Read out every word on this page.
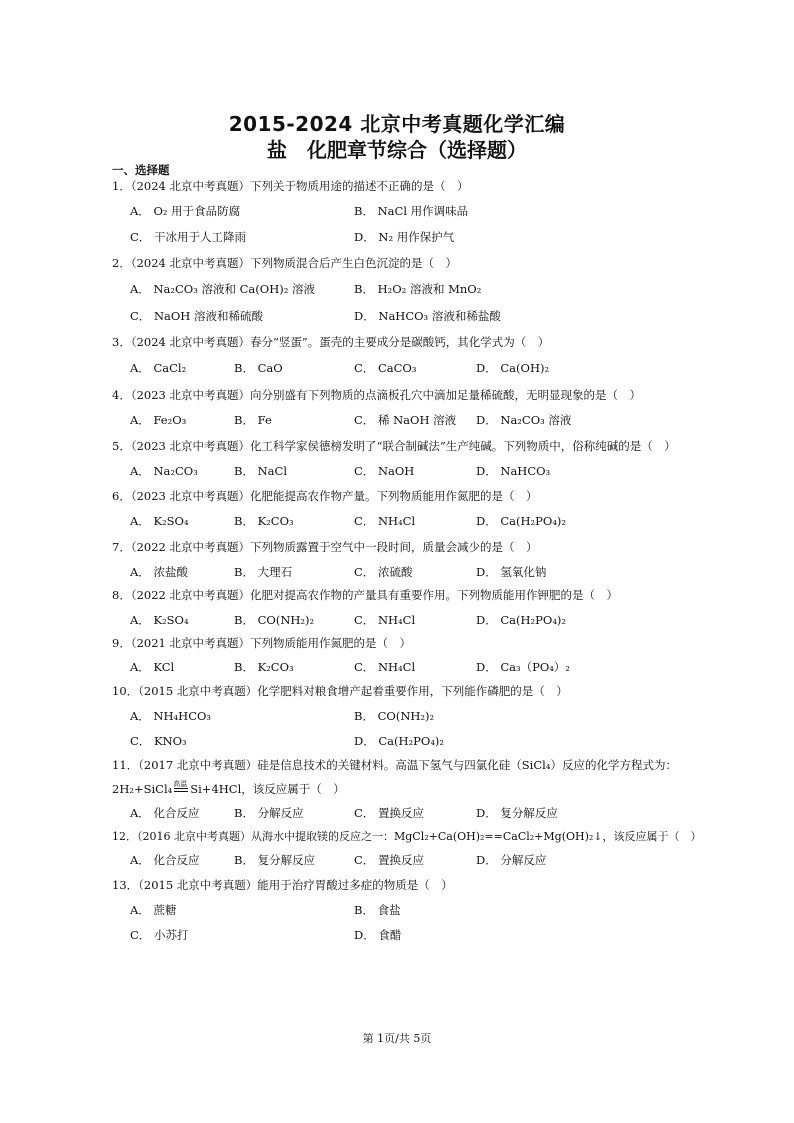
2015-2024 北京中考真题化学汇编
盐　化肥章节综合（选择题）
一、选择题
1．（2024 北京中考真题）下列关于物质用途的描述不正确的是（　）
A． O₂ 用于食品防腐	B． NaCl 用作调味品
C． 干冰用于人工降雨	D． N₂ 用作保护气
2．（2024 北京中考真题）下列物质混合后产生白色沉淀的是（　）
A． Na₂CO₃ 溶液和 Ca(OH)₂ 溶液	B． H₂O₂ 溶液和 MnO₂
C． NaOH 溶液和稀硫酸	D． NaHCO₃ 溶液和稀盐酸
3．（2024 北京中考真题）春分“竖蛋”。蛋壳的主要成分是碳酸钙，其化学式为（　）
A． CaCl₂	B． CaO	C． CaCO₃	D． Ca(OH)₂
4．（2023 北京中考真题）向分别盛有下列物质的点滴板孔穴中滴加足量稀硫酸，无明显现象的是（　）
A． Fe₂O₃	B． Fe	C． 稀 NaOH 溶液 D． Na₂CO₃ 溶液
5．（2023 北京中考真题）化工科学家侯德榜发明了“联合制碱法”生产纯碱。下列物质中，俗称纯碱的是（　）
A． Na₂CO₃	B． NaCl	C． NaOH	D． NaHCO₃
6．（2023 北京中考真题）化肥能提高农作物产量。下列物质能用作氮肥的是（　）
A． K₂SO₄	B． K₂CO₃	C． NH₄Cl	D． Ca(H₂PO₄)₂
7．（2022 北京中考真题）下列物质露置于空气中一段时间，质量会减少的是（　）
A． 浓盐酸	B． 大理石	C． 浓硫酸	D． 氢氧化钠
8．（2022 北京中考真题）化肥对提高农作物的产量具有重要作用。下列物质能用作钾肥的是（　）
A． K₂SO₄	B． CO(NH₂)₂	C． NH₄Cl	D． Ca(H₂PO₄)₂
9．（2021 北京中考真题）下列物质能用作氮肥的是（　）
A． KCl	B． K₂CO₃	C． NH₄Cl	D． Ca₃（PO₄）₂
10．（2015 北京中考真题）化学肥料对粮食增产起着重要作用，下列能作磷肥的是（　）
A． NH₄HCO₃	B． CO(NH₂)₂
C． KNO₃	D． Ca(H₂PO₄)₂
11．（2017 北京中考真题）硅是信息技术的关键材料。高温下氢气与四氯化硅（SiCl₄）反应的化学方程式为：
2H₂+SiCl₄ 高温 Si+4HCl，该反应属于（　）
A． 化合反应	B． 分解反应	C． 置换反应	D． 复分解反应
12．（2016 北京中考真题）从海水中提取镁的反应之一：MgCl₂+Ca(OH)₂==CaCl₂+Mg(OH)₂↓，该反应属于（　）
A． 化合反应	B． 复分解反应	C． 置换反应	D． 分解反应
13．（2015 北京中考真题）能用于治疗胃酸过多症的物质是（　）
A． 蔗糖	B． 食盐
C． 小苏打	D． 食醋
第 1页/共 5页
